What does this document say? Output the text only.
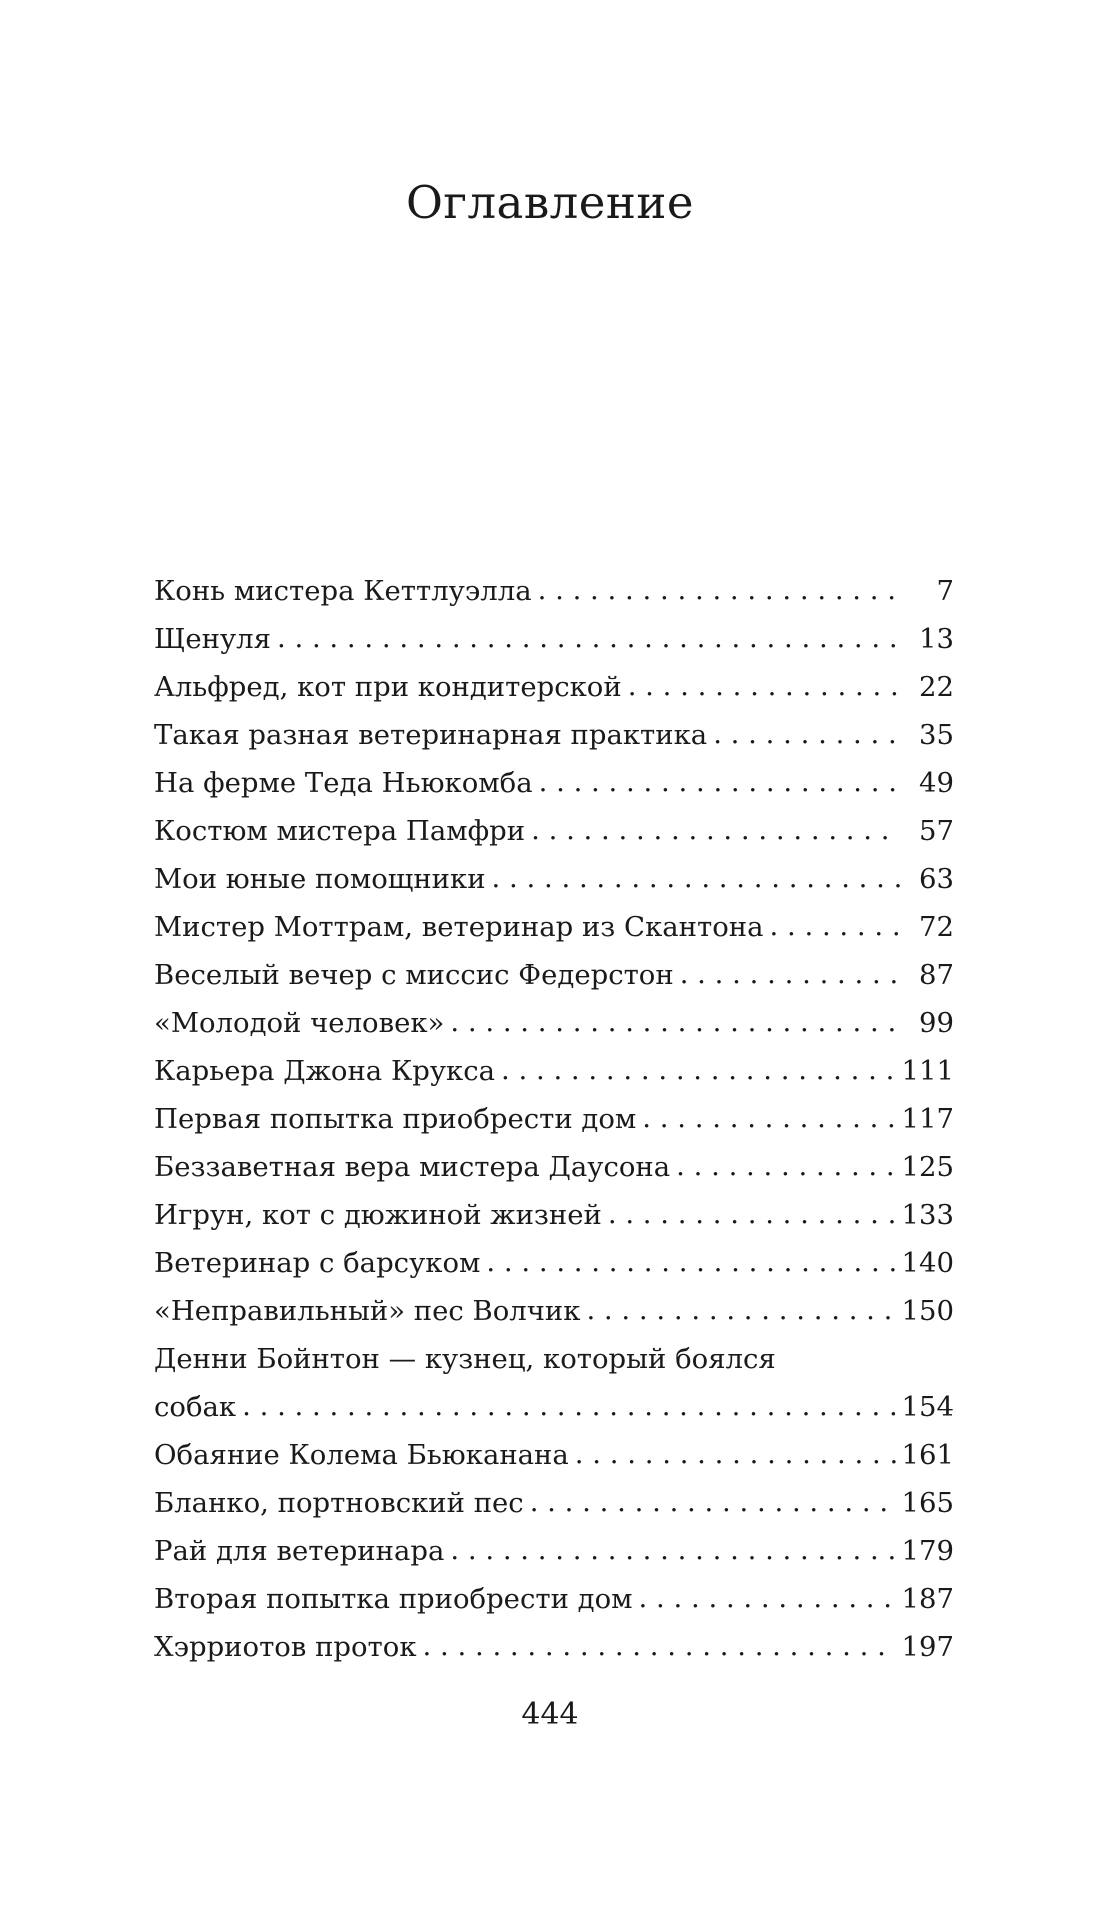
Оглавление
Конь мистера Кеттлуэлла . . .	7
Щенуля . . .	13
Альфред, кот при кондитерской . . .	22
Такая разная ветеринарная практика . . .	35
На ферме Теда Ньюкомба . . .	49
Костюм мистера Памфри . . .	57
Мои юные помощники . . .	63
Мистер Моттрам, ветеринар из Скантона . . .	72
Веселый вечер с миссис Федерстон . . .	87
«Молодой человек» . . .	99
Карьера Джона Крукса . . .	111
Первая попытка приобрести дом . . .	117
Беззаветная вера мистера Даусона . . .	125
Игрун, кот с дюжиной жизней . . .	133
Ветеринар с барсуком . . .	140
«Неправильный» пес Волчик . . .	150
Денни Бойнтон — кузнец, который боялся
собак . . .	154
Обаяние Колема Бьюканана . . .	161
Бланко, портновский пес . . .	165
Рай для ветеринара . . .	179
Вторая попытка приобрести дом . . .	187
Хэрриотов проток . . .	197

444
